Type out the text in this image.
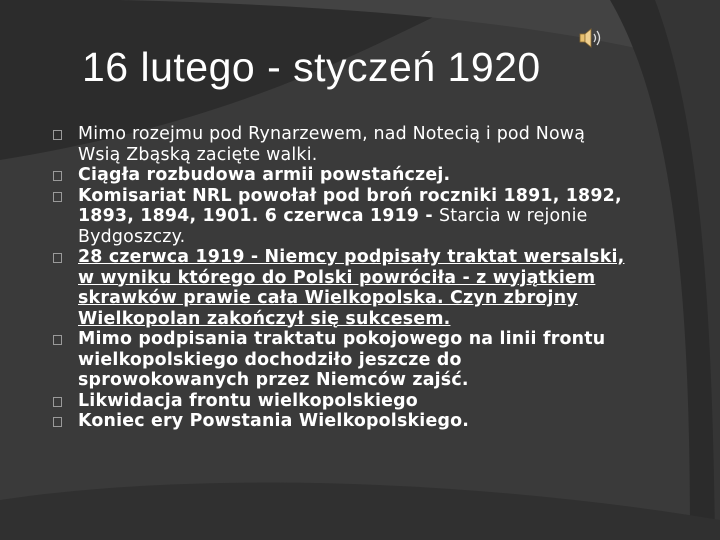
16 lutego - styczeń 1920
Mimo rozejmu pod Rynarzewem, nad Notecią i pod Nową Wsią Zbąską zacięte walki.
Ciągła rozbudowa armii powstańczej.
Komisariat NRL powołał pod broń roczniki 1891, 1892, 1893, 1894, 1901. 6 czerwca 1919 - Starcia w rejonie Bydgoszczy.
28 czerwca 1919 - Niemcy podpisały traktat wersalski, w wyniku którego do Polski powróciła - z wyjątkiem skrawków prawie cała Wielkopolska. Czyn zbrojny Wielkopolan zakończył się sukcesem.
Mimo podpisania traktatu pokojowego na linii frontu wielkopolskiego dochodziło jeszcze do sprowokowanych przez Niemców zajść.
Likwidacja frontu wielkopolskiego
Koniec ery Powstania Wielkopolskiego.
